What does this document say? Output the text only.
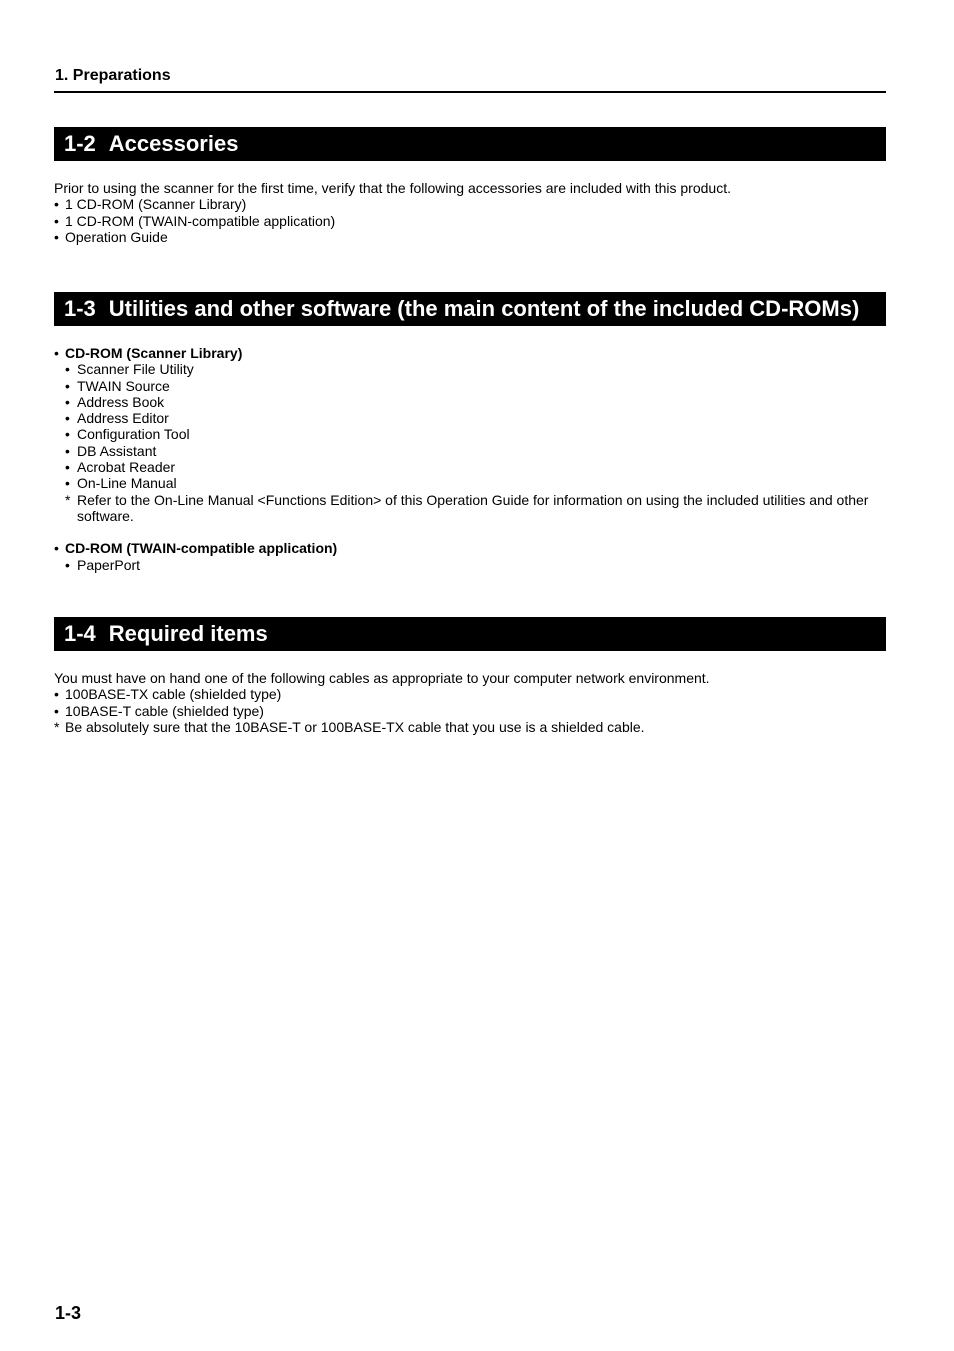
1. Preparations
1-2 Accessories
Prior to using the scanner for the first time, verify that the following accessories are included with this product.
• 1 CD-ROM (Scanner Library)
• 1 CD-ROM (TWAIN-compatible application)
• Operation Guide
1-3 Utilities and other software (the main content of the included CD-ROMs)
• CD-ROM (Scanner Library)
• Scanner File Utility
• TWAIN Source
• Address Book
• Address Editor
• Configuration Tool
• DB Assistant
• Acrobat Reader
• On-Line Manual
* Refer to the On-Line Manual <Functions Edition> of this Operation Guide for information on using the included utilities and other software.
• CD-ROM (TWAIN-compatible application)
• PaperPort
1-4 Required items
You must have on hand one of the following cables as appropriate to your computer network environment.
• 100BASE-TX cable (shielded type)
• 10BASE-T cable (shielded type)
* Be absolutely sure that the 10BASE-T or 100BASE-TX cable that you use is a shielded cable.
1-3
